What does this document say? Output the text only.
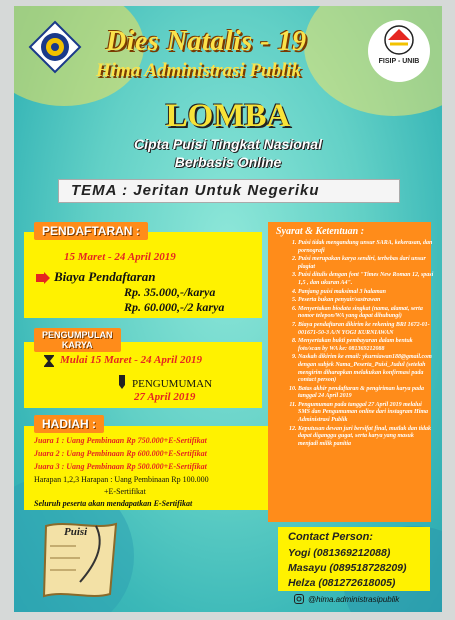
Dies Natalis - 19
Hima Administrasi Publik	FISIP - UNIB
LOMBA
Cipta Puisi Tingkat Nasional
Berbasis Online
TEMA : Jeritan Untuk Negeriku
PENDAFTARAN :
15 Maret - 24 April 2019
Biaya Pendaftaran
Rp. 35.000,-/karya
Rp. 60.000,-/2 karya
PENGUMPULAN
KARYA
Mulai 15 Maret - 24 April 2019
PENGUMUMAN
27 April 2019
HADIAH :
Juara 1 : Uang Pembinaan Rp 750.000+E-Sertifikat
Juara 2 : Uang Pembinaan Rp 600.000+E-Sertifikat
Juara 3 : Uang Pembinaan Rp 500.000+E-Sertifikat
Harapan 1,2,3 Harapan : Uang Pembinaan Rp 100.000
+E-Sertifikat
Seluruh peserta akan mendapatkan E-Sertifikat
Syarat & Ketentuan :
1. Puisi tidak mengandung unsur SARA, kekerasan, dan pornografi
2. Puisi merupakan karya sendiri, terbebas dari unsur plagiat
3. Puisi ditulis dengan font "Times New Roman 12, spasi 1,5 , dan ukuran A4".
4. Panjang puisi maksimal 3 halaman
5. Peserta bukan penyair/sastrawan
6. Menyertakan biodata singkat (nama, alamat, serta nomor telepon/WA yang dapat dihubungi)
7. Biaya pendaftaran dikirim ke rekening BRI 1672-01-001671-50-3 A/N YOGI KURNIAWAN
8. Menyertakan bukti pembayaran dalam bentuk foto/scan by WA ke: 081369212088
9. Naskah dikirim ke email: ykurniawan188@gmail.com dengan subjek Nama_Peserta_Puisi_Judul (setelah mengirim diharapkan melakukan konfirmasi pada contact person)
10. Batas akhir pendaftaran & pengiriman karya pada tanggal 24 April 2019
11. Pengumuman pada tanggal 27 April 2019 melalui SMS dan Pengumuman online dari instagram Hima Administrasi Publik
12. Keputusan dewan juri bersifat final, mutlak dan tidak dapat diganggu gugat, serta karya yang masuk menjadi milik panitia
Puisi	Contact Person:
Yogi (081369212088)
Masayu (089518728209)
Helza (081272618005)
@hima.administrasipublik
